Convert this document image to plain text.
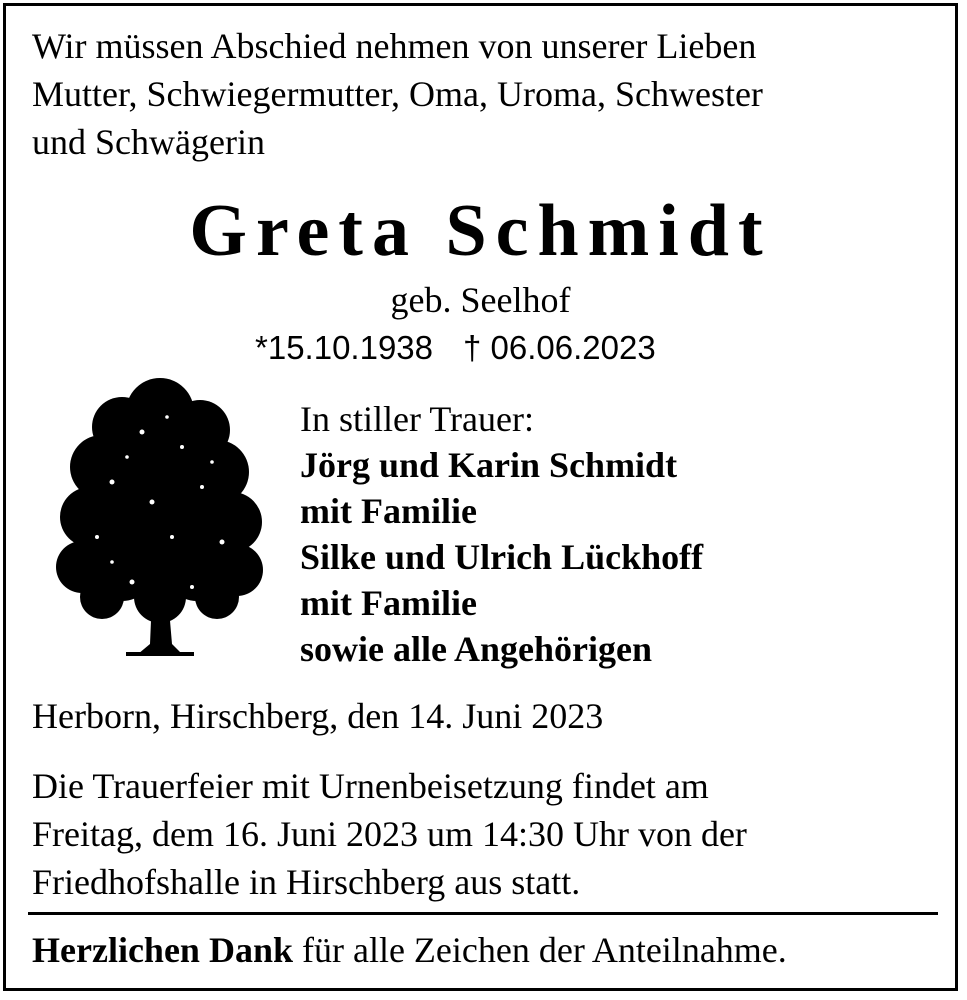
Wir müssen Abschied nehmen von unserer Lieben
Mutter, Schwiegermutter, Oma, Uroma, Schwester
und Schwägerin
Greta Schmidt
geb. Seelhof
*15.10.1938 † 06.06.2023
In stiller Trauer:
Jörg und Karin Schmidt
mit Familie
Silke und Ulrich Lückhoff
mit Familie
sowie alle Angehörigen
Herborn, Hirschberg, den 14. Juni 2023
Die Trauerfeier mit Urnenbeisetzung findet am
Freitag, dem 16. Juni 2023 um 14:30 Uhr von der
Friedhofshalle in Hirschberg aus statt.
Herzlichen Dank für alle Zeichen der Anteilnahme.
